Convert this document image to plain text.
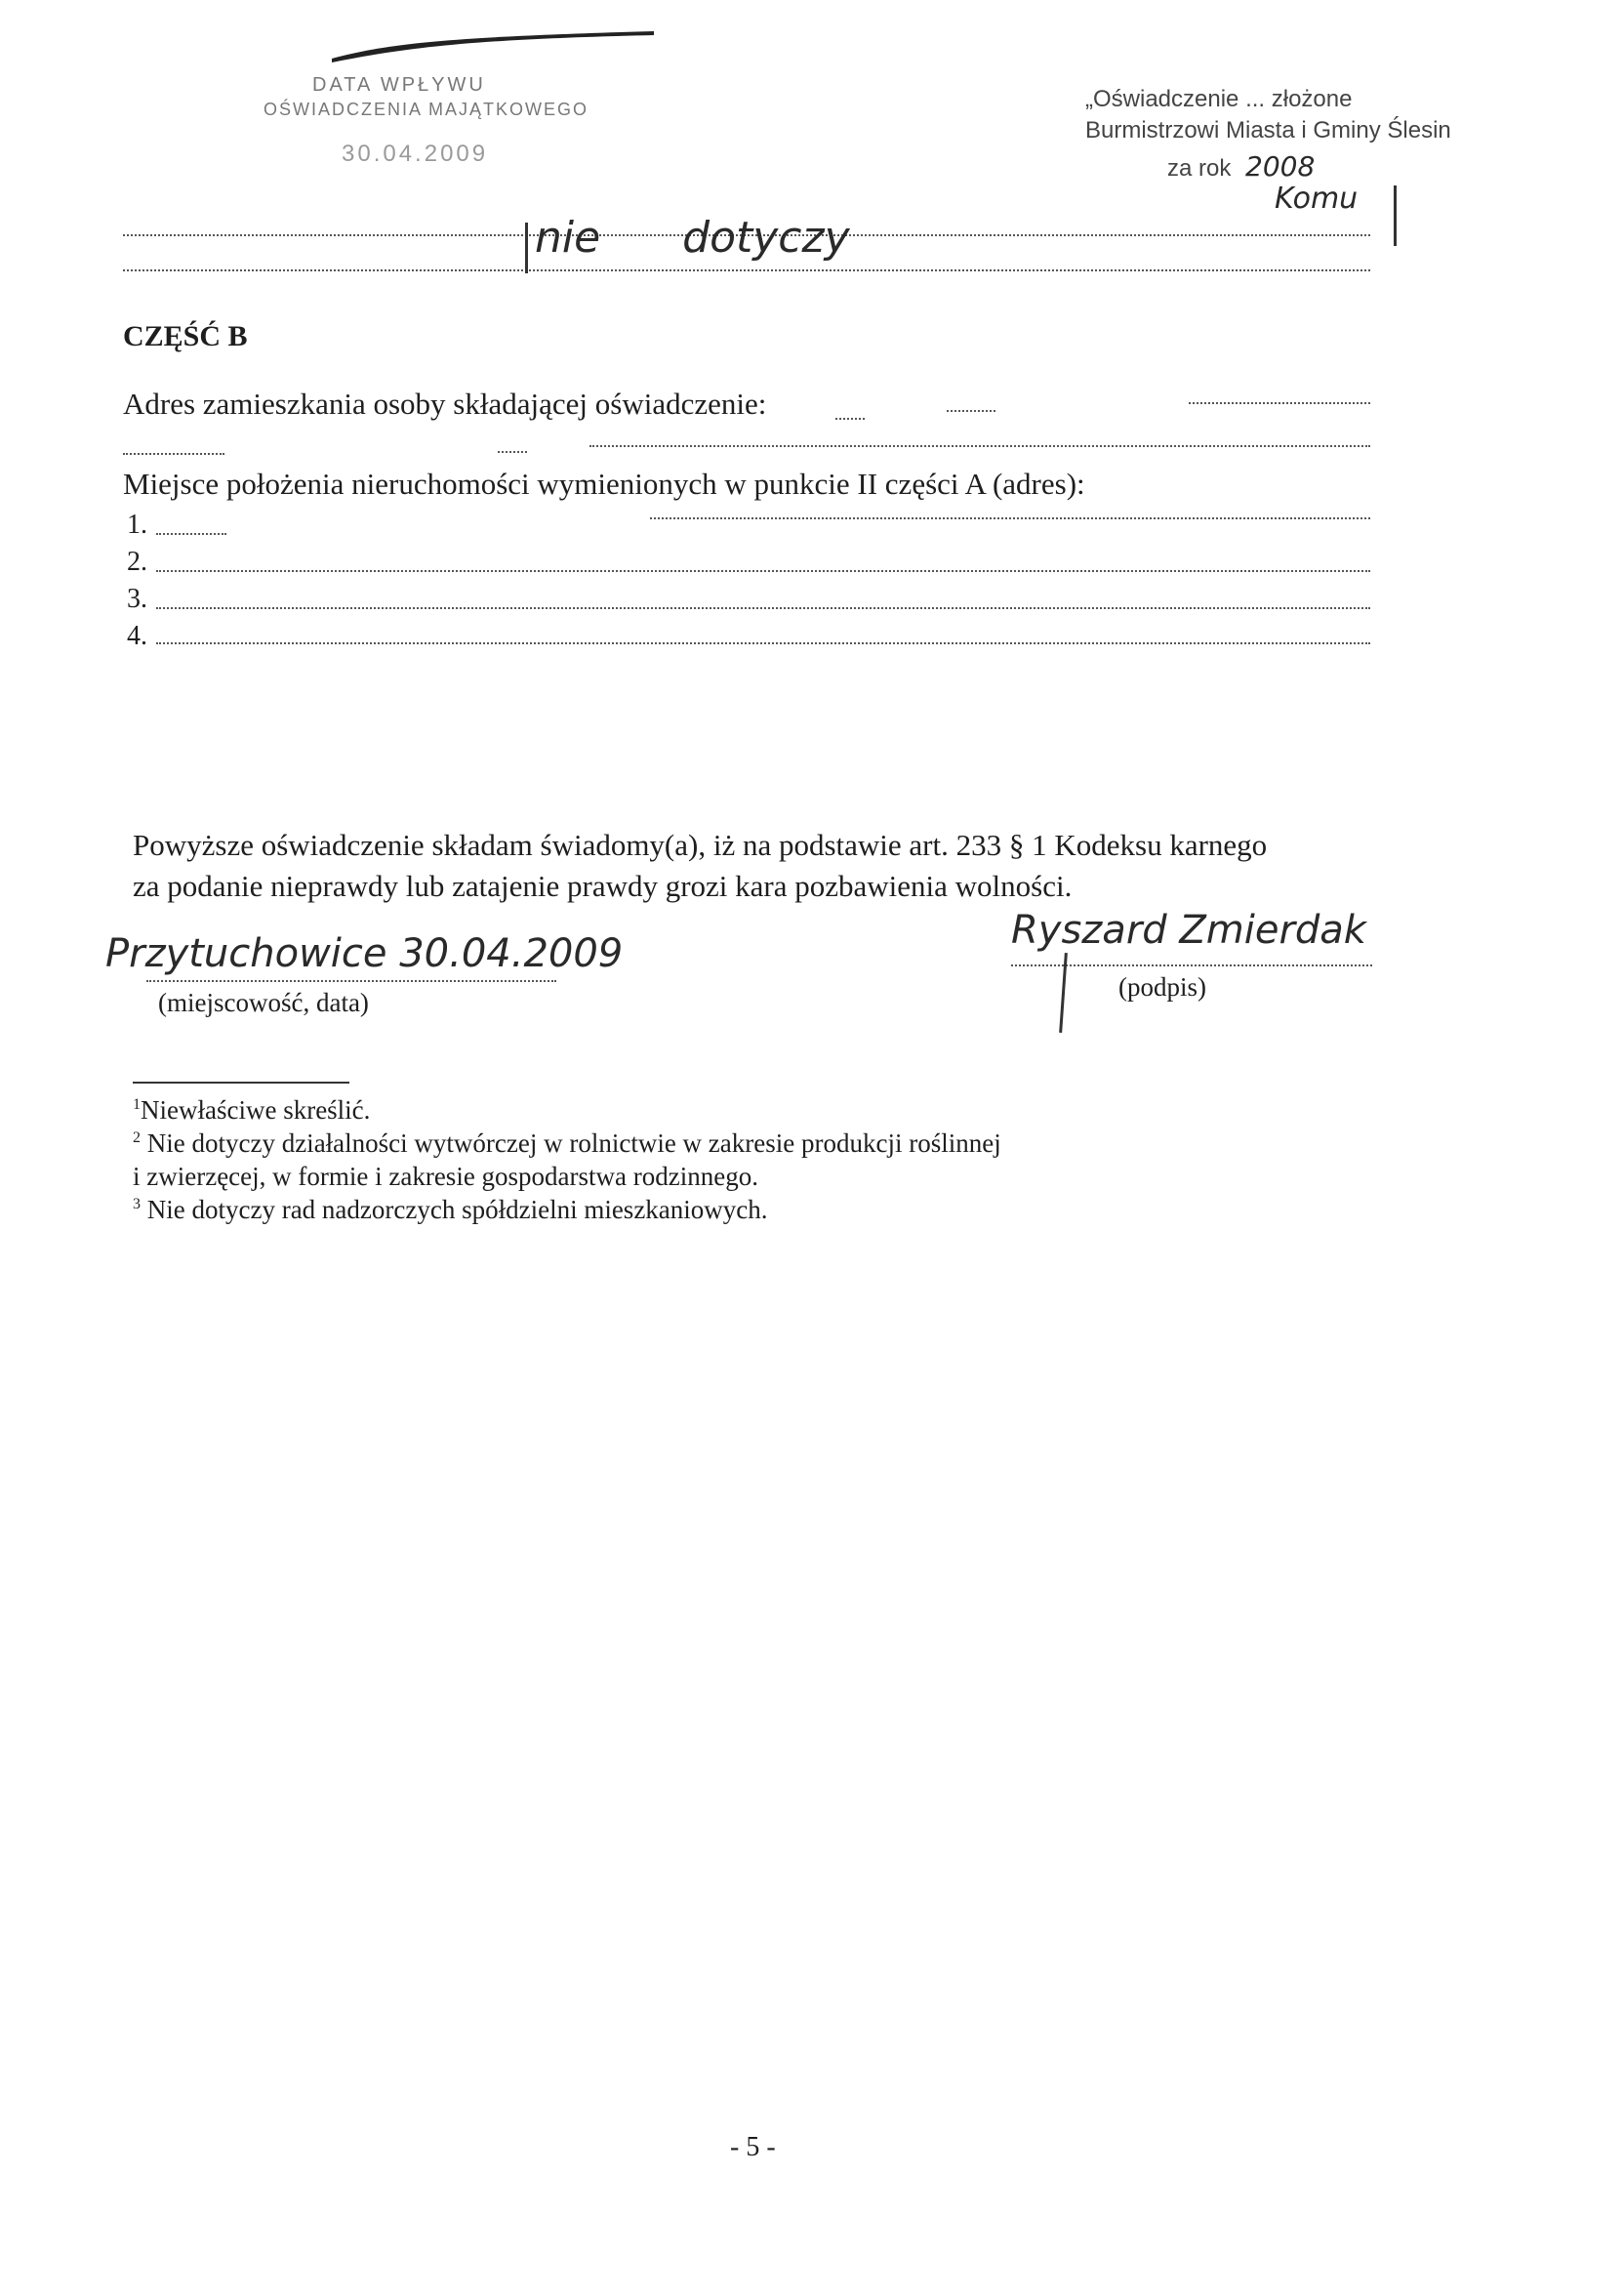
DATA WPŁYWU
OŚWIADCZENIA MAJĄTKOWEGO
30.04.2009
„Oświadczenie ... złożone
Burmistrzowi Miasta i Gminy Ślesin
za rok 2008
Komu
nie dotyczy
CZĘŚĆ B
Adres zamieszkania osoby składającej oświadczenie:
Miejsce położenia nieruchomości wymienionych w punkcie II części A (adres):
1.
2.
3.
4.
Powyższe oświadczenie składam świadomy(a), iż na podstawie art. 233 § 1 Kodeksu karnego
za podanie nieprawdy lub zatajenie prawdy grozi kara pozbawienia wolności.
Przytuchowice 30.04.2009
(miejscowość, data)
Ryszard Zmierdak
(podpis)
$^1$Niewłaściwe skreślić.
$^2$ Nie dotyczy działalności wytwórczej w rolnictwie w zakresie produkcji roślinnej
i zwierzęcej, w formie i zakresie gospodarstwa rodzinnego.
$^3$ Nie dotyczy rad nadzorczych spółdzielni mieszkaniowych.
- 5 -
